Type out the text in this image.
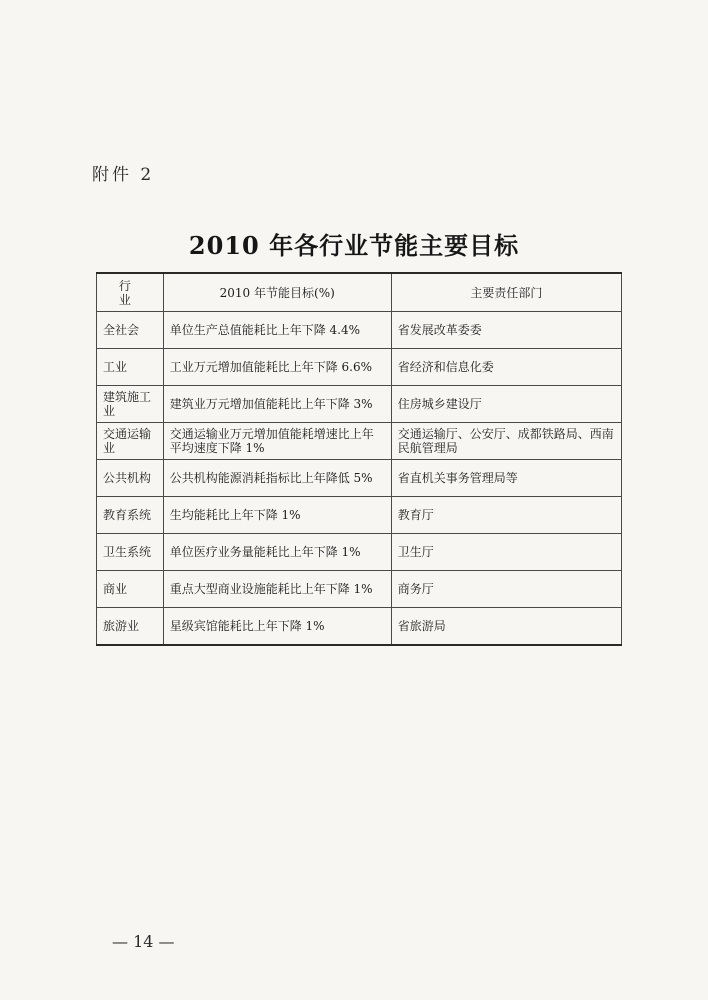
附件 2
2010 年各行业节能主要目标
行　业	2010 年节能目标(%)	主要责任部门
全社会	单位生产总值能耗比上年下降 4.4%	省发展改革委委
工业	工业万元增加值能耗比上年下降 6.6%	省经济和信息化委
建筑施工业	建筑业万元增加值能耗比上年下降 3%	住房城乡建设厅
交通运输业	交通运输业万元增加值能耗增速比上年平均速度下降 1%	交通运输厅、公安厅、成都铁路局、西南民航管理局
公共机构	公共机构能源消耗指标比上年降低 5%	省直机关事务管理局等
教育系统	生均能耗比上年下降 1%	教育厅
卫生系统	单位医疗业务量能耗比上年下降 1%	卫生厅
商业	重点大型商业设施能耗比上年下降 1%	商务厅
旅游业	星级宾馆能耗比上年下降 1%	省旅游局
— 14 —
